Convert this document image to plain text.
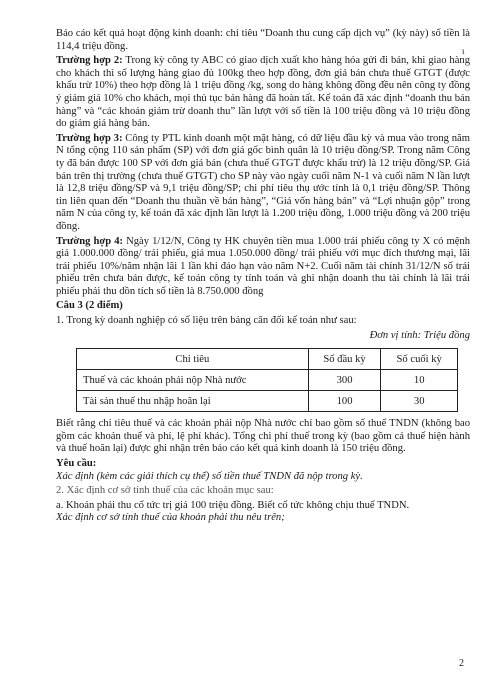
ι

Báo cáo kết quả hoạt động kinh doanh: chỉ tiêu “Doanh thu cung cấp dịch vụ” (kỳ này) số tiền là 114,4 triệu đồng.

Trường hợp 2: Trong kỳ công ty ABC có giao dịch xuất kho hàng hóa gửi đi bán, khi giao hàng cho khách thì số lượng hàng giao đủ 100kg theo hợp đồng, đơn giá bán chưa thuế GTGT (được khấu trừ 10%) theo hợp đồng là 1 triệu đồng /kg, song do hàng không đồng đều nên công ty đồng ý giảm giá 10% cho khách, mọi thủ tục bán hàng đã hoàn tất. Kế toán đã xác định “doanh thu bán hàng” và “các khoản giảm trừ doanh thu” lần lượt với số tiền là 100 triệu đồng và 10 triệu đồng do giảm giá hàng bán.

Trường hợp 3: Công ty PTL kinh doanh một mặt hàng, có dữ liệu đầu kỳ và mua vào trong năm N tổng cộng 110 sản phẩm (SP) với đơn giá gốc bình quân là 10 triệu đồng/SP. Trong năm Công ty đã bán được 100 SP với đơn giá bán (chưa thuế GTGT được khấu trừ) là 12 triệu đồng/SP. Giá bán trên thị trường (chưa thuế GTGT) cho SP này vào ngày cuối năm N-1 và cuối năm N lần lượt là 12,8 triệu đồng/SP và 9,1 triệu đồng/SP; chi phí tiêu thụ ước tính là 0,1 triệu đồng/SP. Thông tin liên quan đến “Doanh thu thuần về bán hàng”, “Giá vốn hàng bán” và “Lợi nhuận gộp” trong năm N của công ty, kế toán đã xác định lần lượt là 1.200 triệu đồng, 1.000 triệu đồng và 200 triệu đồng.

Trường hợp 4: Ngày 1/12/N, Công ty HK chuyên tiền mua 1.000 trái phiếu công ty X có mệnh giá 1.000.000 đồng/ trái phiếu, giá mua 1.050.000 đồng/ trái phiếu với mục đích thương mại, lãi trái phiếu 10%/năm nhận lãi 1 lần khi đáo hạn vào năm N+2. Cuối năm tài chính 31/12/N số trái phiếu trên chưa bán được, kế toán công ty tính toán và ghi nhận doanh thu tài chính là lãi trái phiếu phải thu dồn tích số tiền là 8.750.000 đồng

Câu 3 (2 điểm)

1. Trong kỳ doanh nghiệp có số liệu trên bảng cân đối kế toán như sau:

Đơn vị tính: Triệu đồng

Chỉ tiêu	Số đầu kỳ	Số cuối kỳ
Thuế và các khoản phải nộp Nhà nước	300	10
Tài sản thuế thu nhập hoãn lại	100	30

Biết rằng chỉ tiêu thuế và các khoản phải nộp Nhà nước chỉ bao gồm số thuế TNDN (không bao gồm các khoản thuế và phí, lệ phí khác). Tổng chi phí thuế trong kỳ (bao gồm cả thuế hiện hành và thuế hoãn lại) được ghi nhận trên báo cáo kết quả kinh doanh là 150 triệu đồng.

Yêu cầu:

Xác định (kèm các giải thích cụ thể) số tiền thuế TNDN đã nộp trong kỳ.

2. Xác định cơ sở tính thuế của các khoản mục sau:

a. Khoản phải thu cổ tức trị giá 100 triệu đồng. Biết cổ tức không chịu thuế TNDN.

Xác định cơ sở tính thuế của khoản phải thu nêu trên;

2
